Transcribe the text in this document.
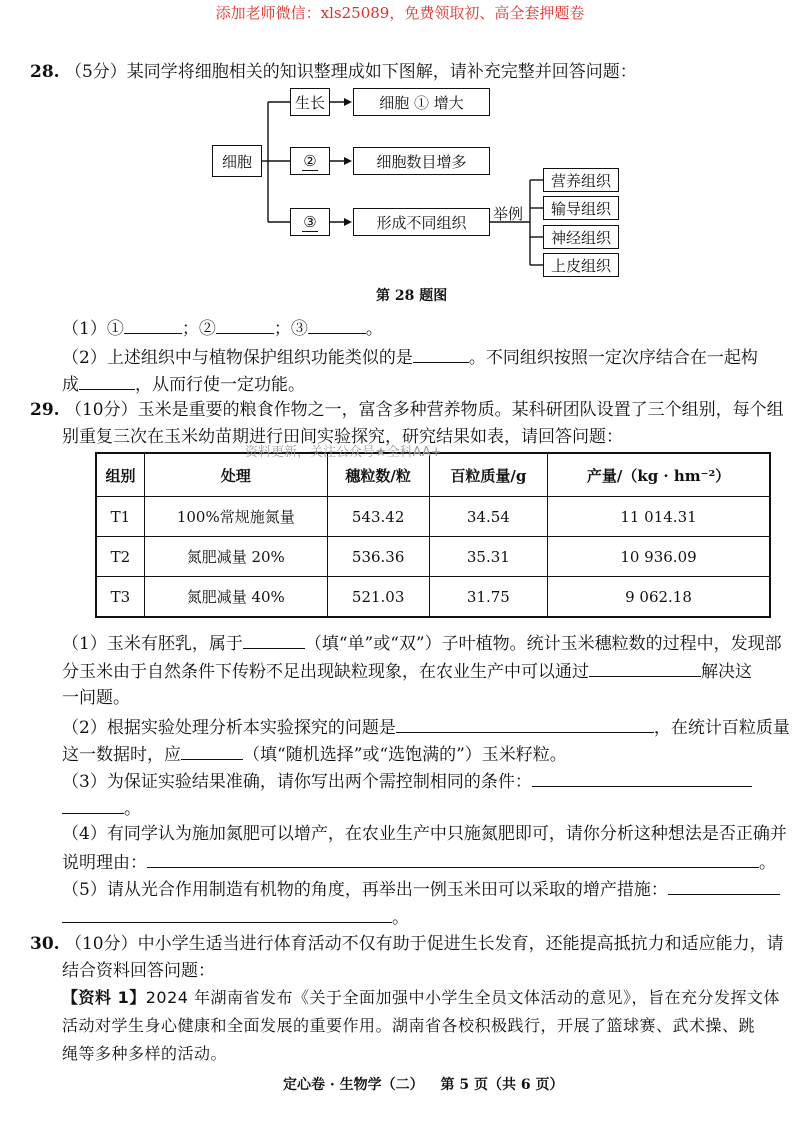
添加老师微信：xls25089，免费领取初、高全套押题卷
28. （5分）某同学将细胞相关的知识整理成如下图解，请补充完整并回答问题：
细胞
生长
②
③
细胞 ① 增大
细胞数目增多
形成不同组织	举例
营养组织
输导组织
神经组织
上皮组织
第 28 题图
（1）①	；②	；③	。
（2）上述组织中与植物保护组织功能类似的是	。不同组织按照一定次序结合在一起构
成	，从而行使一定功能。
29. （10分）玉米是重要的粮食作物之一，富含多种营养物质。某科研团队设置了三个组别，每个组
别重复三次在玉米幼苗期进行田间实验探究，研究结果如表，请回答问题：
组别	处理	穗粒数/粒	百粒质量/g	产量/（kg · hm⁻²）
T1	100%常规施氮量	543.42	34.54	11 014.31
T2	氮肥减量 20%	536.36	35.31	10 936.09
T3	氮肥减量 40%	521.03	31.75	9 062.18
资料更新，关注公众号★全科AA+
（1）玉米有胚乳，属于	（填“单”或“双”）子叶植物。统计玉米穗粒数的过程中，发现部
分玉米由于自然条件下传粉不足出现缺粒现象，在农业生产中可以通过	解决这
一问题。
（2）根据实验处理分析本实验探究的问题是	，在统计百粒质量
这一数据时，应	（填“随机选择”或“选饱满的”）玉米籽粒。
（3）为保证实验结果准确，请你写出两个需控制相同的条件：
。
（4）有同学认为施加氮肥可以增产，在农业生产中只施氮肥即可，请你分析这种想法是否正确并
说明理由：	。
（5）请从光合作用制造有机物的角度，再举出一例玉米田可以采取的增产措施：
。
30. （10分）中小学生适当进行体育活动不仅有助于促进生长发育，还能提高抵抗力和适应能力，请
结合资料回答问题：
【资料 1】2024 年湖南省发布《关于全面加强中小学生全员文体活动的意见》，旨在充分发挥文体
活动对学生身心健康和全面发展的重要作用。湖南省各校积极践行，开展了篮球赛、武术操、跳
绳等多种多样的活动。
定心卷 · 生物学（二） 第 5 页（共 6 页）
